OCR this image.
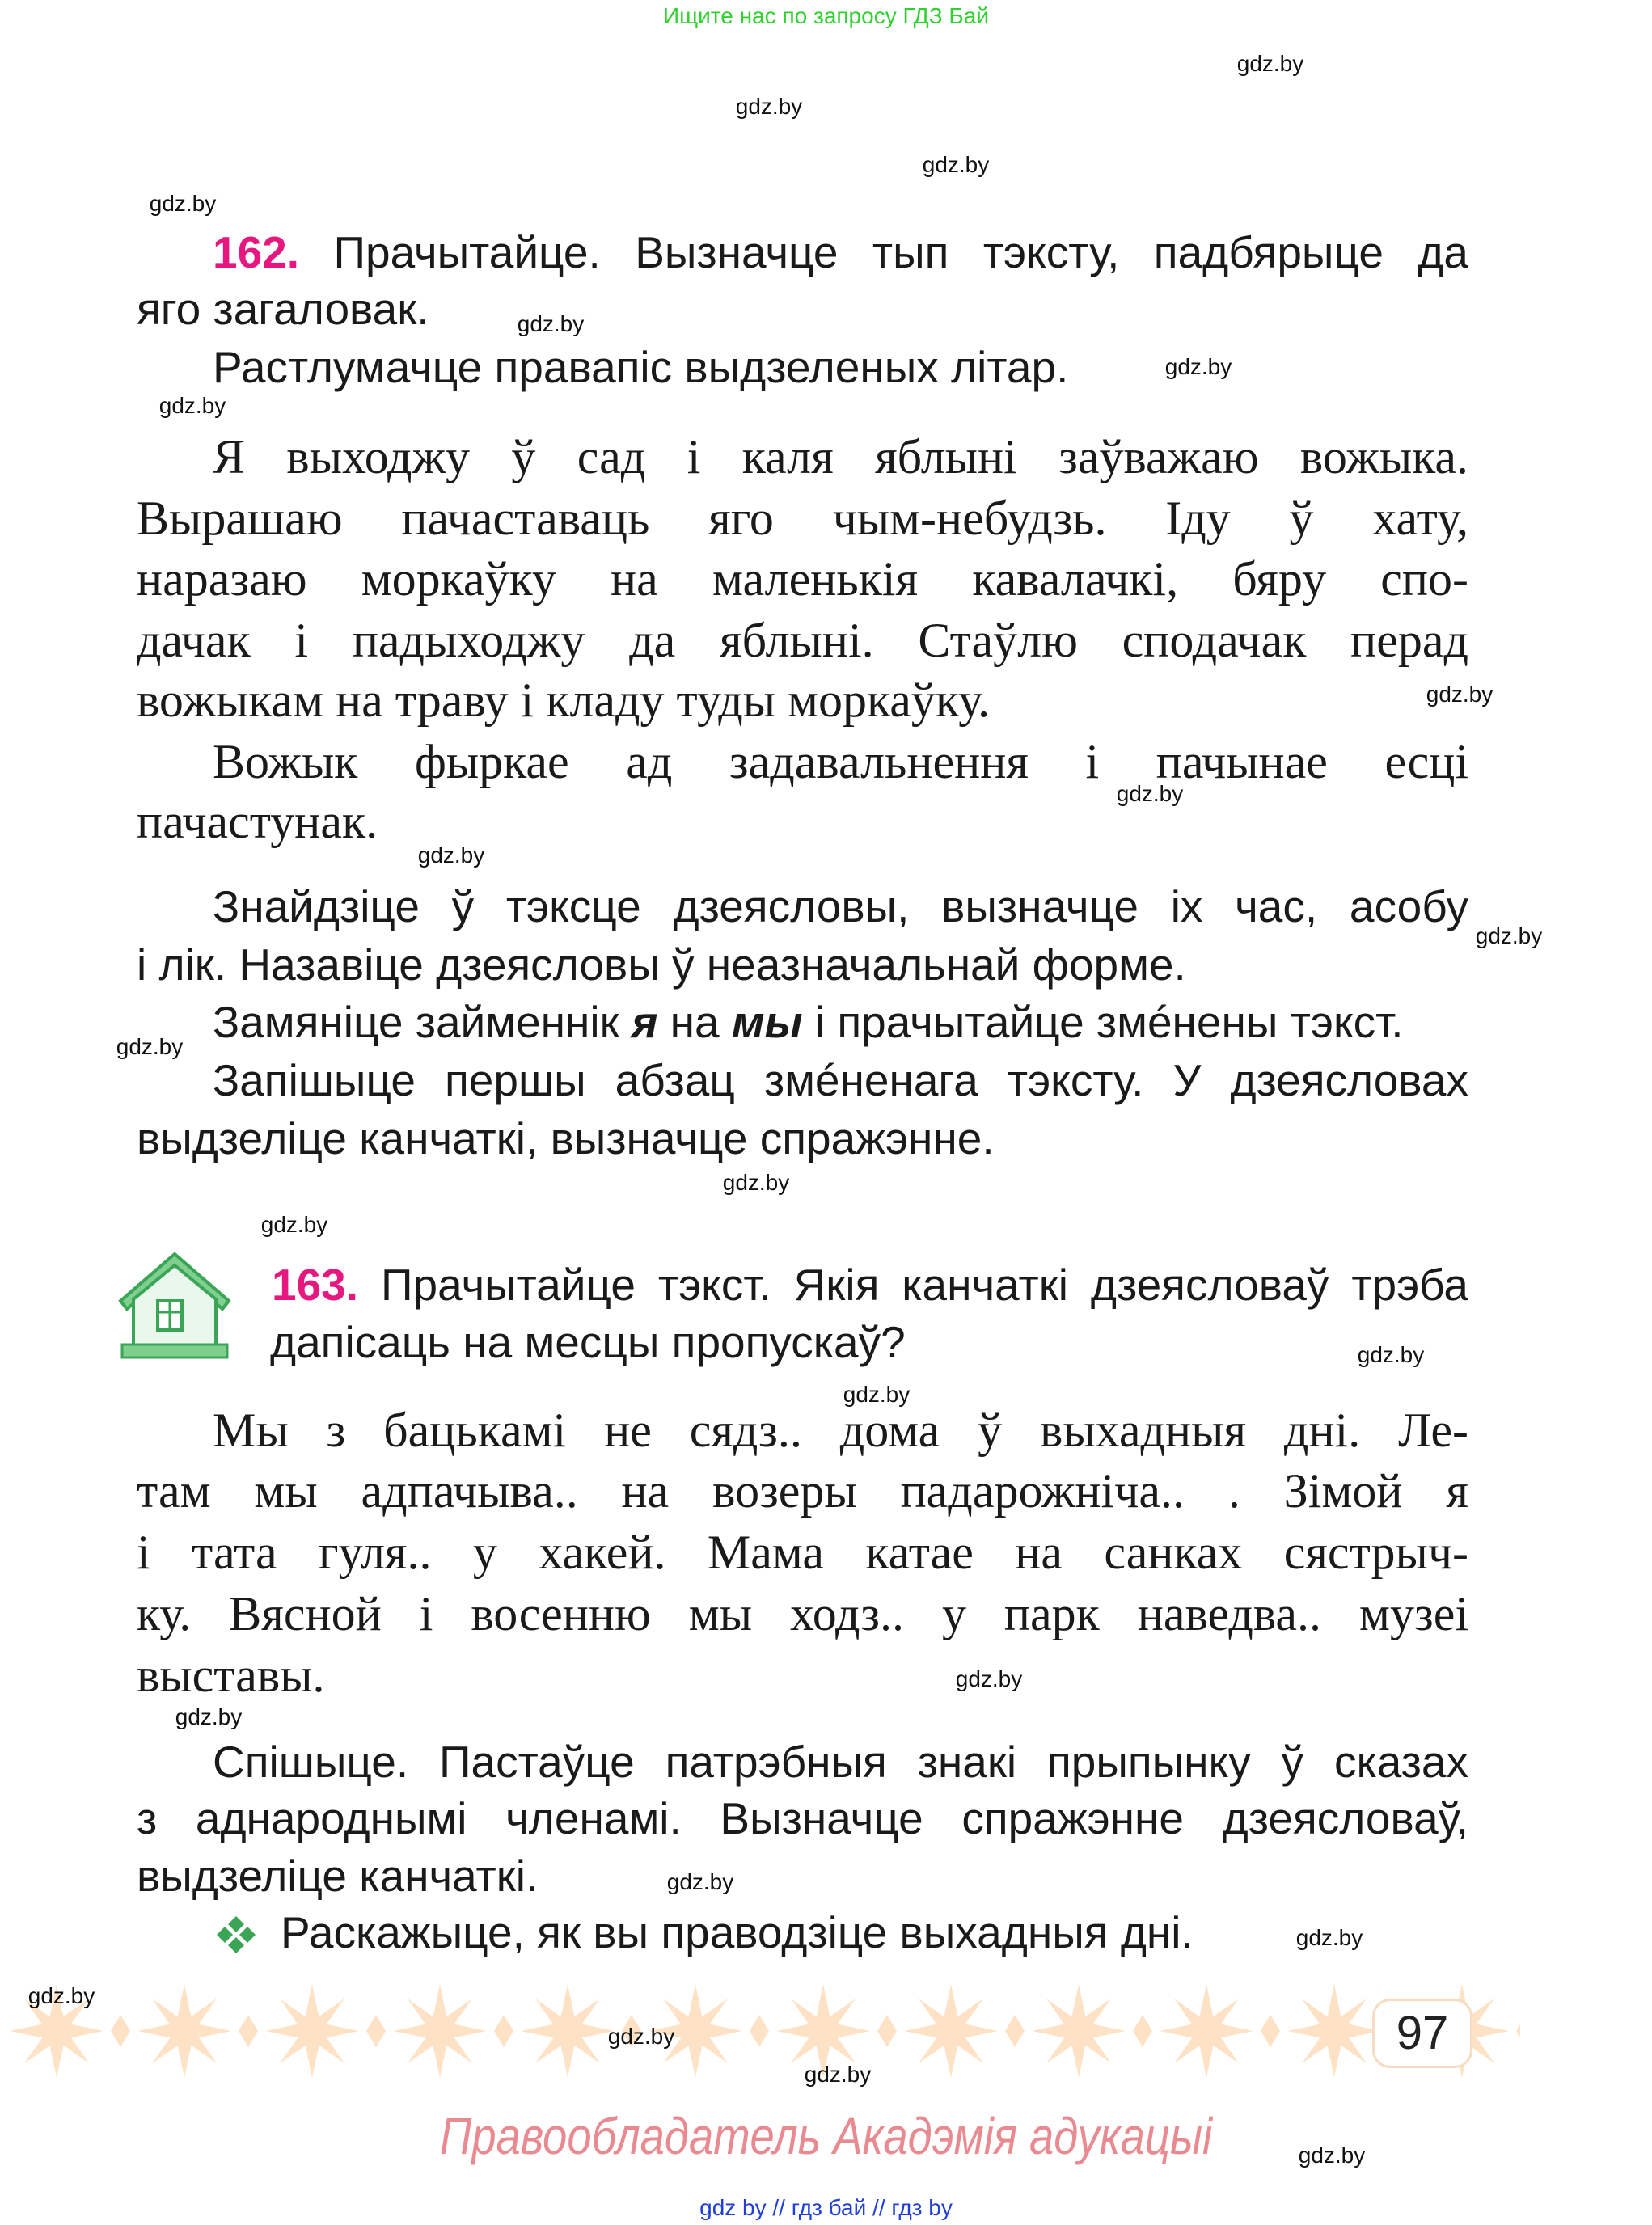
Ищите нас по запросу ГДЗ Бай
162. Прачытайце. Вызначце тып тэксту, падбярыце да
яго загаловак.
Растлумачце правапіс выдзеленых літар.
Я выходжу ў сад і каля яблыні заўважаю вожыка.
Вырашаю пачаставаць яго чым-небудзь. Іду ў хату,
наразаю моркаўку на маленькія кавалачкі, бяру спо-
дачак і падыходжу да яблыні. Стаўлю сподачак перад
вожыкам на траву і кладу туды моркаўку.
Вожык фыркае ад задавальнення і пачынае есці
пачастунак.
Знайдзіце ў тэксце дзеясловы, вызначце іх час, асобу
і лік. Назавіце дзеясловы ў неазначальнай форме.
Замяніце займеннік я на мы і прачытайце змéнены тэкст.
Запішыце першы абзац змéненага тэксту. У дзеясловах
выдзеліце канчаткі, вызначце спражэнне.
163. Прачытайце тэкст. Якія канчаткі дзеясловаў трэба
дапісаць на месцы пропускаў?
Мы з бацькамі не сядз.. дома ў выхадныя дні. Ле-
там мы адпачыва.. на возеры падарожніча.. . Зімой я
і тата гуля.. у хакей. Мама катае на санках сястрыч-
ку. Вясной і восенню мы ходз.. у парк наведва.. музеі
выставы.
Спішыце. Пастаўце патрэбныя знакі прыпынку ў сказах
з аднароднымі членамі. Вызначце спражэнне дзеясловаў,
выдзеліце канчаткі.
Раскажыце, як вы праводзіце выхадныя дні.
97
Правообладатель Акадэмія адукацыі
gdz by // гдз бай // гдз by
gdz.by
gdz.by
gdz.by
gdz.by
gdz.by
gdz.by
gdz.by
gdz.by
gdz.by
gdz.by
gdz.by
gdz.by
gdz.by
gdz.by
gdz.by
gdz.by
gdz.by
gdz.by
gdz.by
gdz.by
gdz.by
gdz.by
gdz.by
gdz.by
